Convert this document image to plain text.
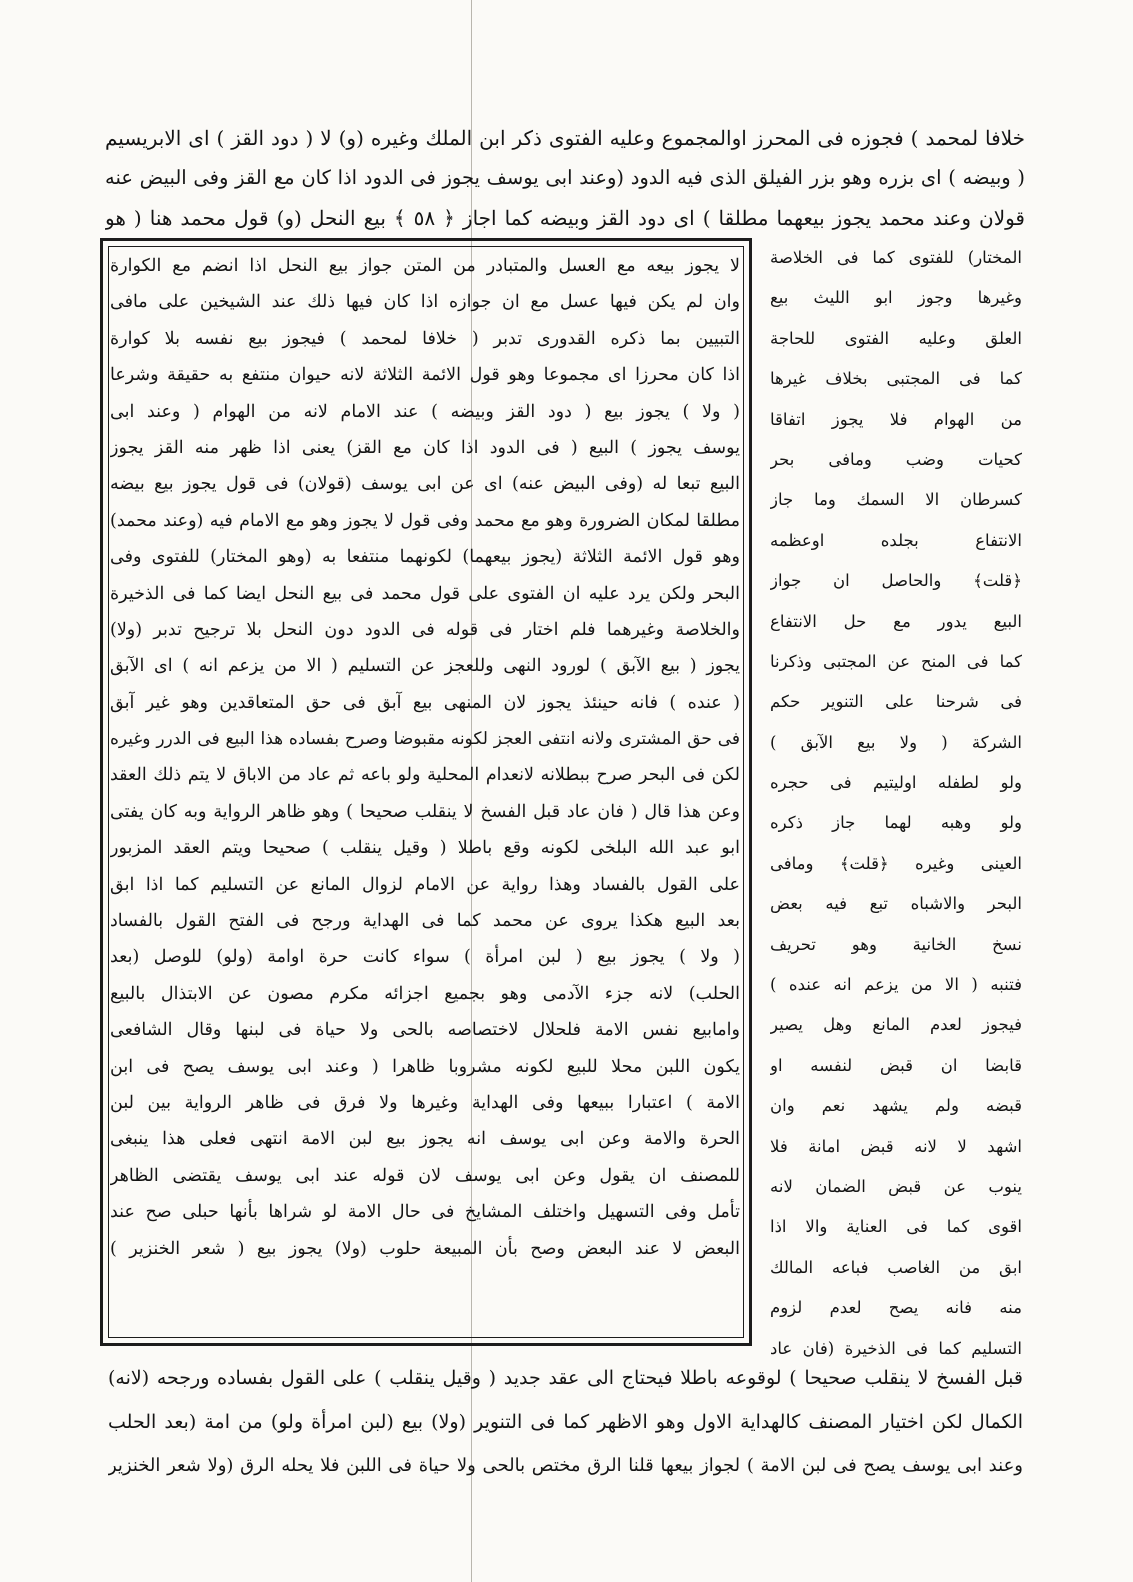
خلافا لمحمد ) فجوزه فى المحرز اوالمجموع وعليه الفتوى ذكر ابن الملك وغيره (و) لا ( دود القز ) اى الابريسيم
( وبيضه ) اى بزره وهو بزر الفيلق الذى فيه الدود (وعند ابى يوسف يجوز فى الدود اذا كان مع القز وفى البيض عنه
قولان وعند محمد يجوز بيعهما مطلقا ) اى دود القز وبيضه كما اجاز ﴿ ٥٨ ﴾ بيع النحل (و) قول محمد هنا ( هو
المختار) للفتوى كما فى الخلاصة
وغيرها وجوز ابو الليث بيع
العلق وعليه الفتوى للحاجة
كما فى المجتبى بخلاف غيرها
من الهوام فلا يجوز اتفاقا
كحيات وضب ومافى بحر
كسرطان الا السمك وما جاز
الانتفاع بجلده اوعظمه
﴿قلت﴾ والحاصل ان جواز
البيع يدور مع حل الانتفاع
كما فى المنح عن المجتبى وذكرنا
فى شرحنا على التنوير حكم
الشركة ( ولا بيع الآبق )
ولو لطفله اوليتيم فى حجره
ولو وهبه لهما جاز ذكره
العينى وغيره ﴿قلت﴾ ومافى
البحر والاشباه تبع فيه بعض
نسخ الخانية وهو تحريف
فتنبه ( الا من يزعم انه عنده )
فيجوز لعدم المانع وهل يصير
قابضا ان قبض لنفسه او
قبضه ولم يشهد نعم وان
اشهد لا لانه قبض امانة فلا
ينوب عن قبض الضمان لانه
اقوى كما فى العناية والا اذا
ابق من الغاصب فباعه المالك
منه فانه يصح لعدم لزوم
التسليم كما فى الذخيرة (فان عاد
لا يجوز بيعه مع العسل والمتبادر من المتن جواز بيع النحل اذا انضم مع الكوارة
وان لم يكن فيها عسل مع ان جوازه اذا كان فيها ذلك عند الشيخين على مافى
التبيين بما ذكره القدورى تدبر ( خلافا لمحمد ) فيجوز بيع نفسه بلا كوارة
اذا كان محرزا اى مجموعا وهو قول الائمة الثلاثة لانه حيوان منتفع به حقيقة وشرعا
( ولا ) يجوز بيع ( دود القز وبيضه ) عند الامام لانه من الهوام ( وعند ابى
يوسف يجوز ) البيع ( فى الدود اذا كان مع القز) يعنى اذا ظهر منه القز يجوز
البيع تبعا له (وفى البيض عنه) اى عن ابى يوسف (قولان) فى قول يجوز بيع بيضه
مطلقا لمكان الضرورة وهو مع محمد وفى قول لا يجوز وهو مع الامام فيه (وعند محمد)
وهو قول الائمة الثلاثة (يجوز بيعهما) لكونهما منتفعا به (وهو المختار) للفتوى وفى
البحر ولكن يرد عليه ان الفتوى على قول محمد فى بيع النحل ايضا كما فى الذخيرة
والخلاصة وغيرهما فلم اختار فى قوله فى الدود دون النحل بلا ترجيح تدبر (ولا)
يجوز ( بيع الآبق ) لورود النهى وللعجز عن التسليم ( الا من يزعم انه ) اى الآبق
( عنده ) فانه حينئذ يجوز لان المنهى بيع آبق فى حق المتعاقدين وهو غير آبق
فى حق المشترى ولانه انتفى العجز لكونه مقبوضا وصرح بفساده هذا البيع فى الدرر وغيره
لكن فى البحر صرح ببطلانه لانعدام المحلية ولو باعه ثم عاد من الاباق لا يتم ذلك العقد
وعن هذا قال ( فان عاد قبل الفسخ لا ينقلب صحيحا ) وهو ظاهر الرواية وبه كان يفتى
ابو عبد الله البلخى لكونه وقع باطلا ( وقيل ينقلب ) صحيحا ويتم العقد المزبور
على القول بالفساد وهذا رواية عن الامام لزوال المانع عن التسليم كما اذا ابق
بعد البيع هكذا يروى عن محمد كما فى الهداية ورجح فى الفتح القول بالفساد
( ولا ) يجوز بيع ( لبن امرأة ) سواء كانت حرة اوامة (ولو) للوصل (بعد
الحلب) لانه جزء الآدمى وهو بجميع اجزائه مكرم مصون عن الابتذال بالبيع
وامابيع نفس الامة فلحلال لاختصاصه بالحى ولا حياة فى لبنها وقال الشافعى
يكون اللبن محلا للبيع لكونه مشروبا ظاهرا ( وعند ابى يوسف يصح فى ابن
الامة ) اعتبارا ببيعها وفى الهداية وغيرها ولا فرق فى ظاهر الرواية بين لبن
الحرة والامة وعن ابى يوسف انه يجوز بيع لبن الامة انتهى فعلى هذا ينبغى
للمصنف ان يقول وعن ابى يوسف لان قوله عند ابى يوسف يقتضى الظاهر
تأمل وفى التسهيل واختلف المشايخ فى حال الامة لو شراها بأنها حبلى صح عند
البعض لا عند البعض وصح بأن المبيعة حلوب (ولا) يجوز بيع ( شعر الخنزير )
قبل الفسخ لا ينقلب صحيحا ) لوقوعه باطلا فيحتاج الى عقد جديد ( وقيل ينقلب ) على القول بفساده ورجحه (لانه)
الكمال لكن اختيار المصنف كالهداية الاول وهو الاظهر كما فى التنوير (ولا) بيع (لبن امرأة ولو) من امة (بعد الحلب
وعند ابى يوسف يصح فى لبن الامة ) لجواز بيعها قلنا الرق مختص بالحى ولا حياة فى اللبن فلا يحله الرق (ولا شعر الخنزير
